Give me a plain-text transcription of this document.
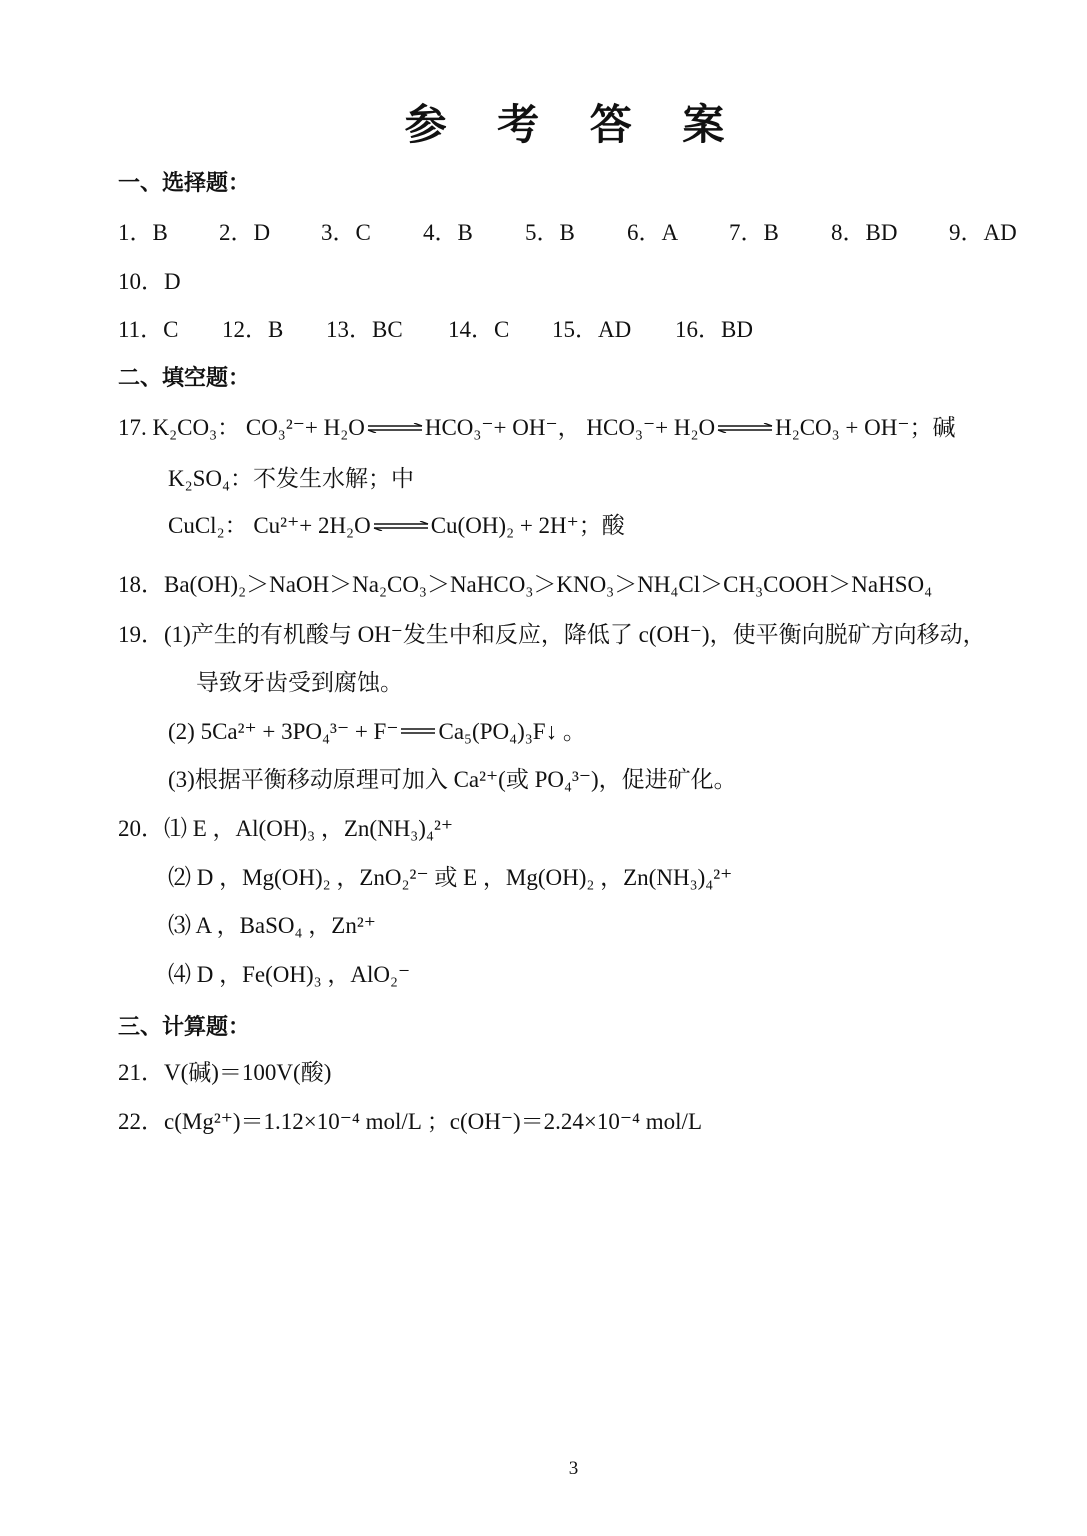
参 考 答 案
一、选择题：
1．B 2．D 3．C 4．B 5．B 6．A 7．B 8．BD 9．AD
10．D
11．C 12．B 13．BC 14．C 15．AD 16．BD
二、填空题：
17. K₂CO₃： CO₃²⁻+ H₂O⇌HCO₃⁻+ OH⁻， HCO₃⁻+ H₂O⇌H₂CO₃ + OH⁻；碱
K₂SO₄：不发生水解；中
CuCl₂： Cu²⁺+ 2H₂O⇌Cu(OH)₂ + 2H⁺；酸
18．Ba(OH)₂＞NaOH＞Na₂CO₃＞NaHCO₃＞KNO₃＞NH₄Cl＞CH₃COOH＞NaHSO₄
19．(1)产生的有机酸与 OH⁻发生中和反应，降低了 c(OH⁻)，使平衡向脱矿方向移动，
导致牙齿受到腐蚀。
(2) 5Ca²⁺ + 3PO₄³⁻ + F⁻ Ca₅(PO₄)₃F↓ 。
(3)根据平衡移动原理可加入 Ca²⁺(或 PO₄³⁻)，促进矿化。
20．⑴ E ，Al(OH)₃ ，Zn(NH₃)₄²⁺
⑵ D ，Mg(OH)₂ ，ZnO₂²⁻ 或 E ，Mg(OH)₂ ，Zn(NH₃)₄²⁺
⑶ A ，BaSO₄ ，Zn²⁺
⑷ D ，Fe(OH)₃ ，AlO₂⁻
三、计算题：
21．V(碱)＝100V(酸)
22．c(Mg²⁺)＝1.12×10⁻⁴ mol/L ；c(OH⁻)＝2.24×10⁻⁴ mol/L
3
